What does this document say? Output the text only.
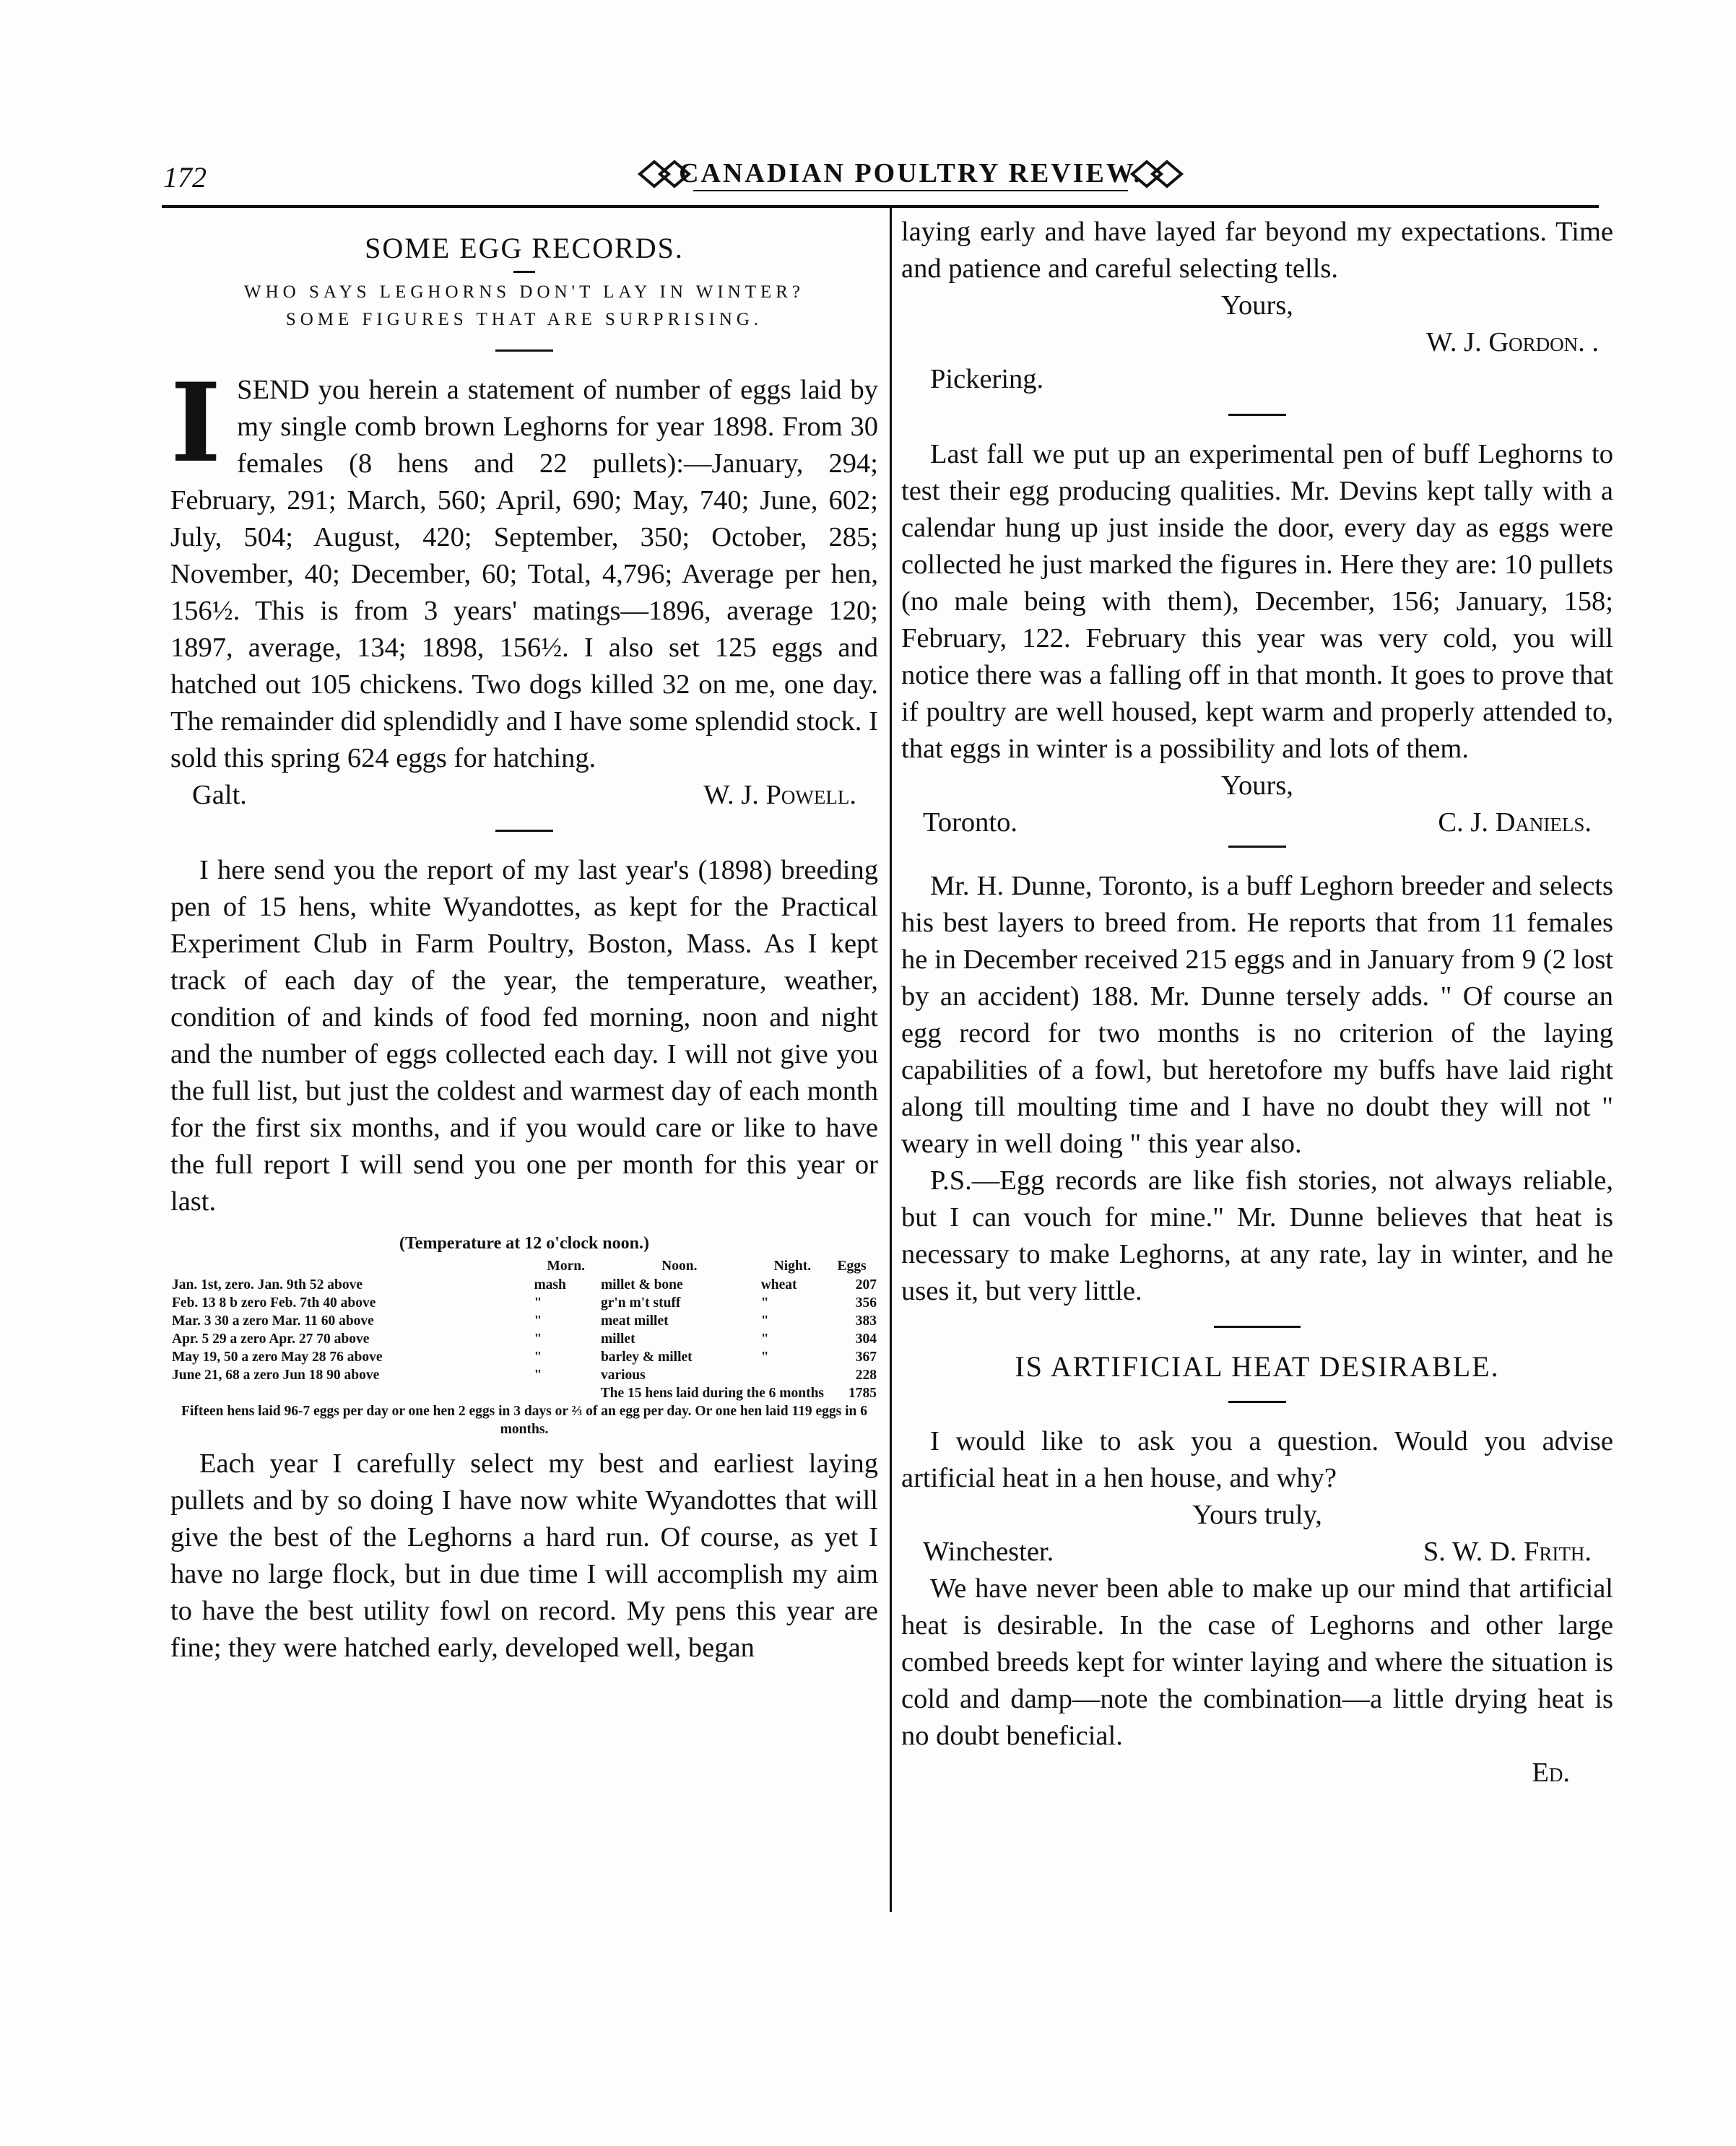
172	CANADIAN POULTRY REVIEW.
SOME EGG RECORDS.

WHO SAYS LEGHORNS DON'T LAY IN WINTER?

SOME FIGURES THAT ARE SURPRISING.

I SEND you herein a statement of number of eggs laid by my single comb brown Leghorns for year 1898. From 30 females (8 hens and 22 pullets):—January, 294; February, 291; March, 560; April, 690; May, 740; June, 602; July, 504; August, 420; September, 350; October, 285; November, 40; December, 60; Total, 4,796; Average per hen, 156½. This is from 3 years' matings—1896, average 120; 1897, average, 134; 1898, 156½. I also set 125 eggs and hatched out 105 chickens. Two dogs killed 32 on me, one day. The remainder did splendidly and I have some splendid stock. I sold this spring 624 eggs for hatching.

Galt.	W. J. Powell.

I here send you the report of my last year's (1898) breeding pen of 15 hens, white Wyandottes, as kept for the Practical Experiment Club in Farm Poultry, Boston, Mass. As I kept track of each day of the year, the temperature, weather, condition of and kinds of food fed morning, noon and night and the number of eggs collected each day. I will not give you the full list, but just the coldest and warmest day of each month for the first six months, and if you would care or like to have the full report I will send you one per month for this year or last.

(Temperature at 12 o'clock noon.)
	Morn.	Noon.	Night.	Eggs
Jan. 1st, zero. Jan. 9th 52 above	mash	millet & bone	wheat	207
Feb. 13 8 b zero Feb. 7th 40 above	"	gr'n m't stuff	"	356
Mar. 3 30 a zero Mar. 11 60 above	"	meat millet	"	383
Apr. 5 29 a zero Apr. 27 70 above	"	millet	"	304
May 19, 50 a zero May 28 76 above	"	barley & millet	"	367
June 21, 68 a zero Jun 18 90 above	"	various		228
The 15 hens laid during the 6 months				1785
Fifteen hens laid 96-7 eggs per day or one hen 2 eggs in 3 days or ⅔ of an egg per day. Or one hen laid 119 eggs in 6 months.

Each year I carefully select my best and earliest laying pullets and by so doing I have now white Wyandottes that will give the best of the Leghorns a hard run. Of course, as yet I have no large flock, but in due time I will accomplish my aim to have the best utility fowl on record. My pens this year are fine; they were hatched early, developed well, began

laying early and have layed far beyond my expectations. Time and patience and careful selecting tells.

Yours,
W. J. Gordon. .
Pickering.

Last fall we put up an experimental pen of buff Leghorns to test their egg producing qualities. Mr. Devins kept tally with a calendar hung up just inside the door, every day as eggs were collected he just marked the figures in. Here they are: 10 pullets (no male being with them), December, 156; January, 158; February, 122. February this year was very cold, you will notice there was a falling off in that month. It goes to prove that if poultry are well housed, kept warm and properly attended to, that eggs in winter is a possibility and lots of them.

Yours,
Toronto.	C. J. Daniels.

Mr. H. Dunne, Toronto, is a buff Leghorn breeder and selects his best layers to breed from. He reports that from 11 females he in December received 215 eggs and in January from 9 (2 lost by an accident) 188. Mr. Dunne tersely adds. " Of course an egg record for two months is no criterion of the laying capabilities of a fowl, but heretofore my buffs have laid right along till moulting time and I have no doubt they will not " weary in well doing " this year also.

P.S.—Egg records are like fish stories, not always reliable, but I can vouch for mine." Mr. Dunne believes that heat is necessary to make Leghorns, at any rate, lay in winter, and he uses it, but very little.

IS ARTIFICIAL HEAT DESIRABLE.

I would like to ask you a question. Would you advise artificial heat in a hen house, and why?

Yours truly,
Winchester.	S. W. D. Frith.

We have never been able to make up our mind that artificial heat is desirable. In the case of Leghorns and other large combed breeds kept for winter laying and where the situation is cold and damp—note the combination—a little drying heat is no doubt beneficial.

Ed.
